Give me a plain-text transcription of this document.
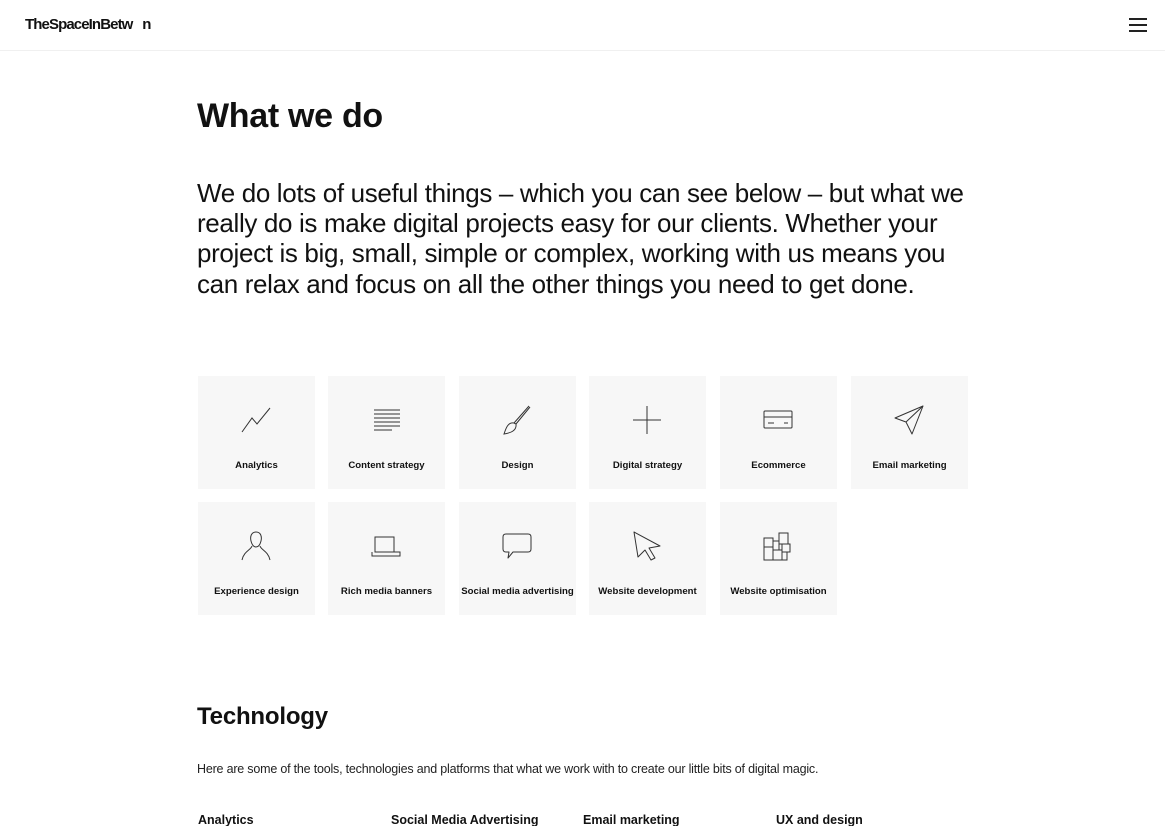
TheSpaceInBetw   n
What we do

We do lots of useful things – which you can see below – but what we really do is make digital projects easy for our clients. Whether your project is big, small, simple or complex, working with us means you can relax and focus on all the other things you need to get done.

Analytics	Content strategy	Design	Digital strategy	Ecommerce	Email marketing
Experience design	Rich media banners	Social media advertising	Website development	Website optimisation
Technology

Here are some of the tools, technologies and platforms that what we work with to create our little bits of digital magic.

Analytics	Social Media Advertising	Email marketing	UX and design
